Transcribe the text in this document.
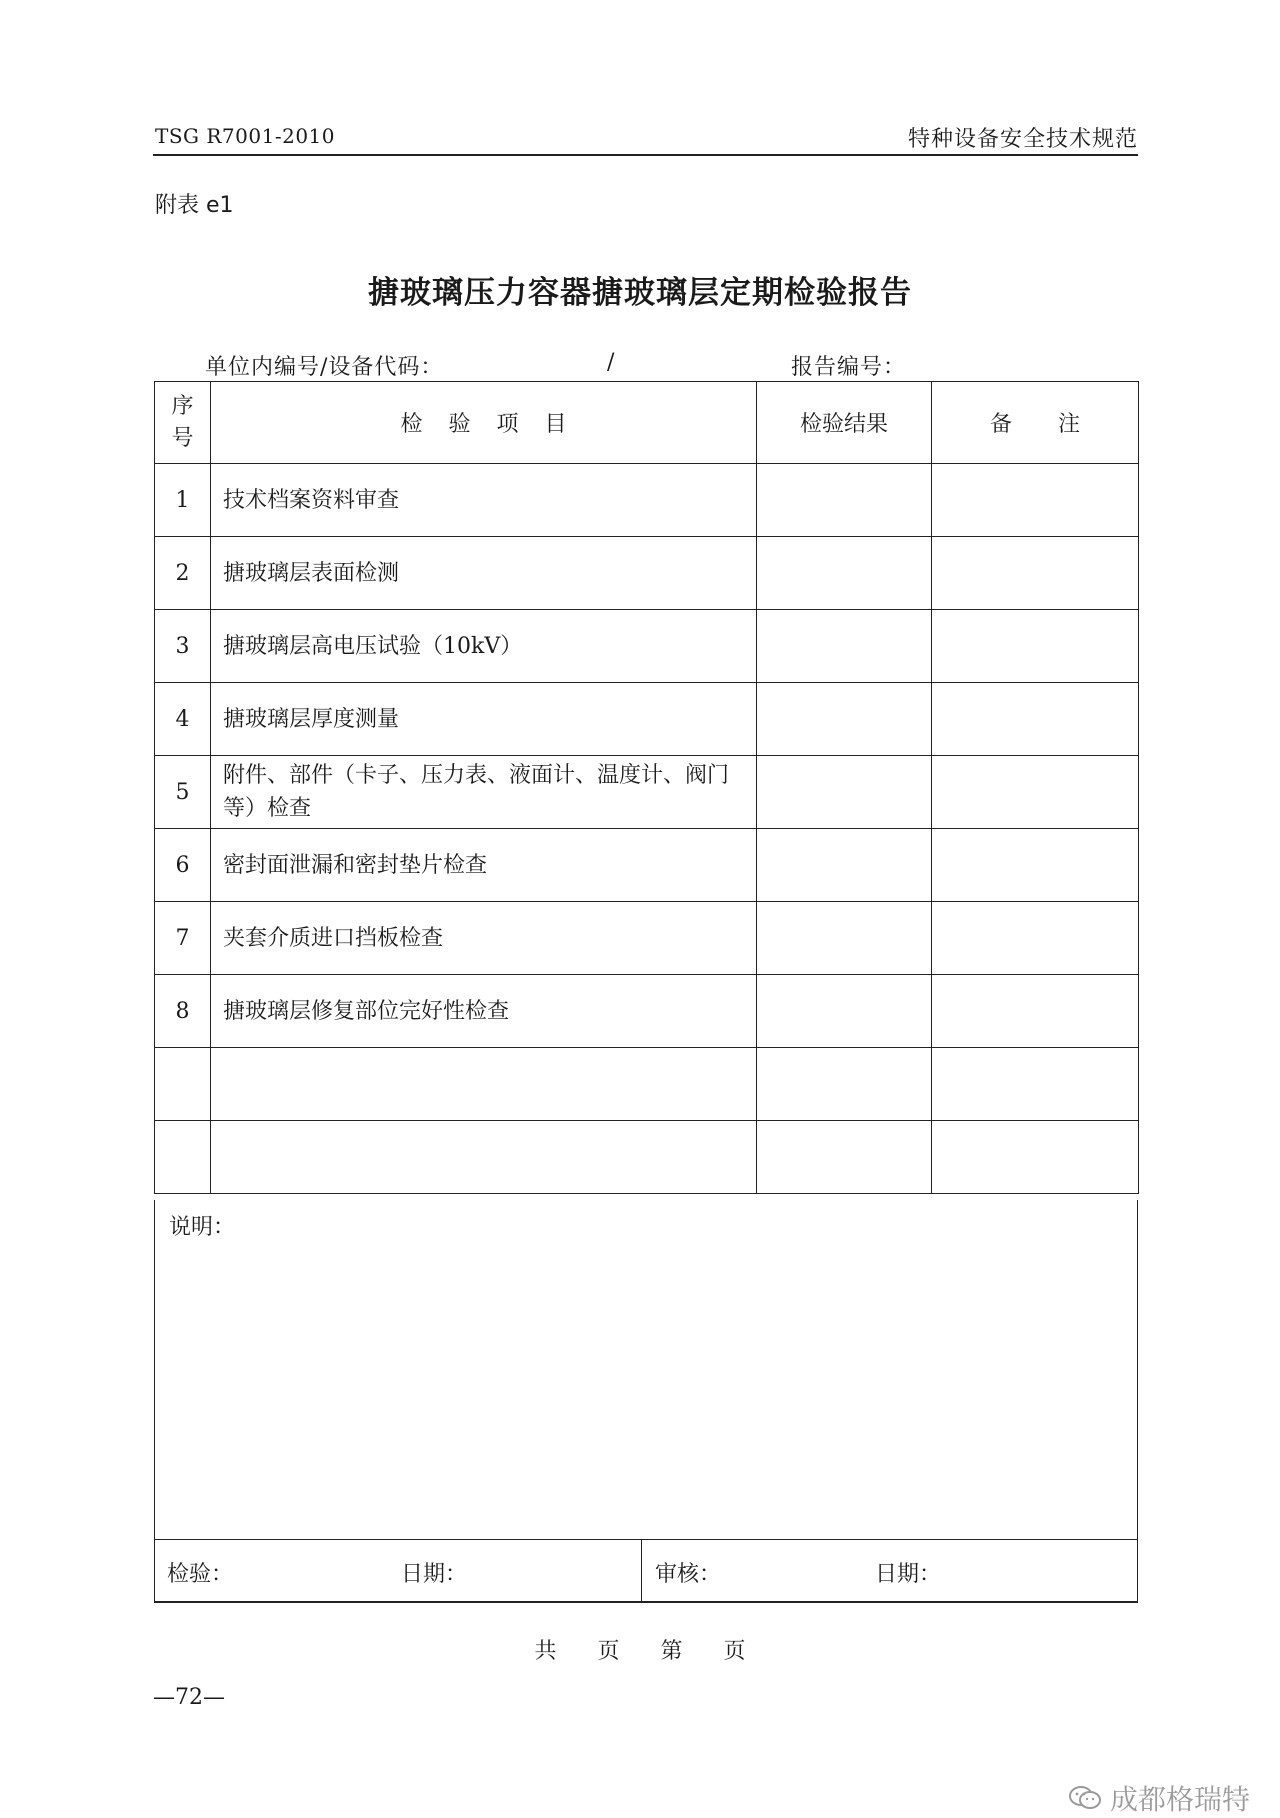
TSG R7001-2010	特种设备安全技术规范
附表 e1
搪玻璃压力容器搪玻璃层定期检验报告
单位内编号/设备代码：	/	报告编号：
序
号	检验项目	检验结果	备注
1	技术档案资料审查		
2	搪玻璃层表面检测		
3	搪玻璃层高电压试验（10kV）		
4	搪玻璃层厚度测量		
5	附件、部件（卡子、压力表、液面计、温度计、阀门等）检查		
6	密封面泄漏和密封垫片检查		
7	夹套介质进口挡板检查		
8	搪玻璃层修复部位完好性检查		

说明：
检验：	日期：	审核：	日期：
共 页 第 页
—72—
成都格瑞特
